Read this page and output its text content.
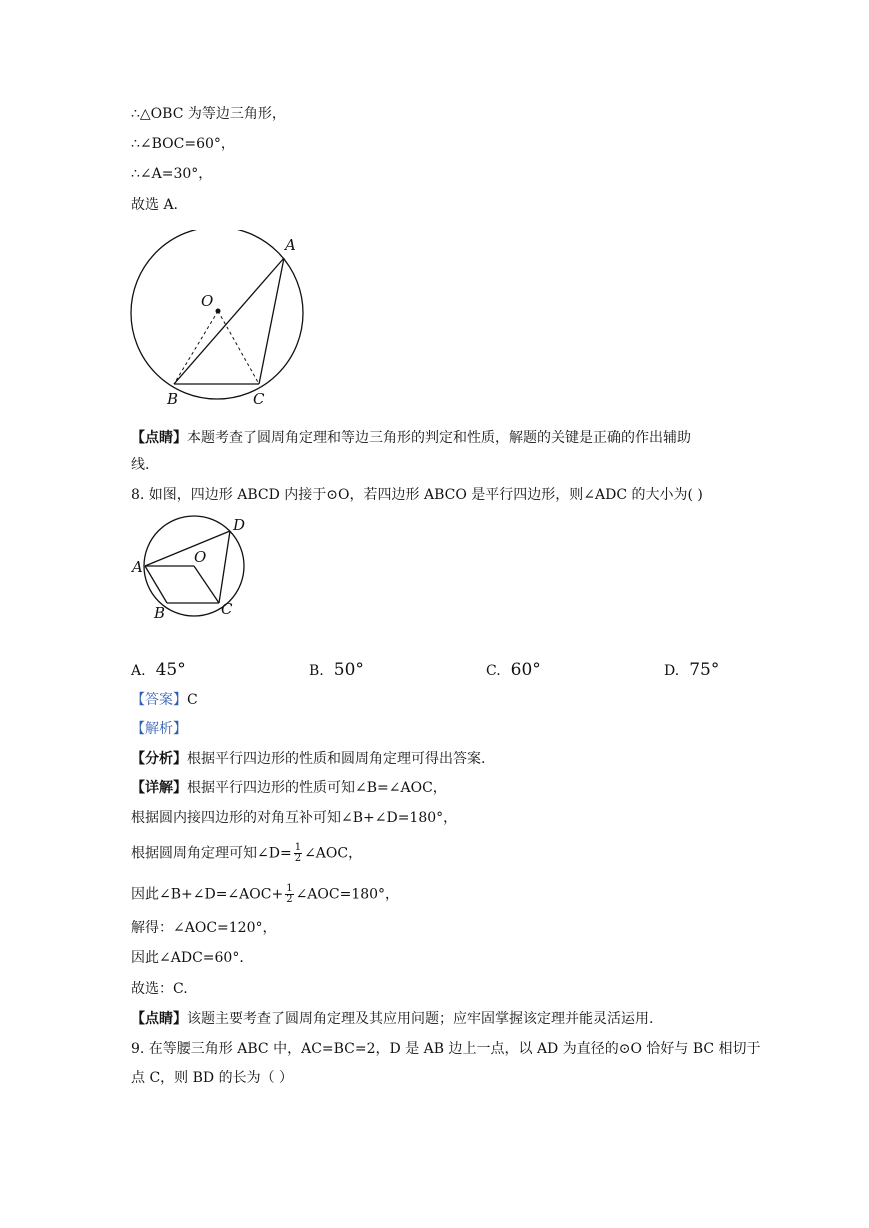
∴△OBC 为等边三角形，
∴∠BOC=60°，
∴∠A=30°，
故选 A.
A
O
B	C
【点睛】本题考查了圆周角定理和等边三角形的判定和性质，解题的关键是正确的作出辅助
线.
8. 如图，四边形 ABCD 内接于⊙O，若四边形 ABCO 是平行四边形，则∠ADC 的大小为( )
D
O
A
B	C
A. 45°	B. 50°	C. 60°	D. 75°
【答案】C
【解析】
【分析】根据平行四边形的性质和圆周角定理可得出答案.
【详解】根据平行四边形的性质可知∠B=∠AOC，
根据圆内接四边形的对角互补可知∠B+∠D=180°，
根据圆周角定理可知∠D= $\frac{1}{2}$ ∠AOC，
因此∠B+∠D=∠AOC+ $\frac{1}{2}$ ∠AOC=180°，
解得：∠AOC=120°，
因此∠ADC=60°．
故选：C.
【点睛】该题主要考查了圆周角定理及其应用问题；应牢固掌握该定理并能灵活运用.
9. 在等腰三角形 ABC 中，AC=BC=2，D 是 AB 边上一点，以 AD 为直径的⊙O 恰好与 BC 相切于
点 C，则 BD 的长为（ ）
